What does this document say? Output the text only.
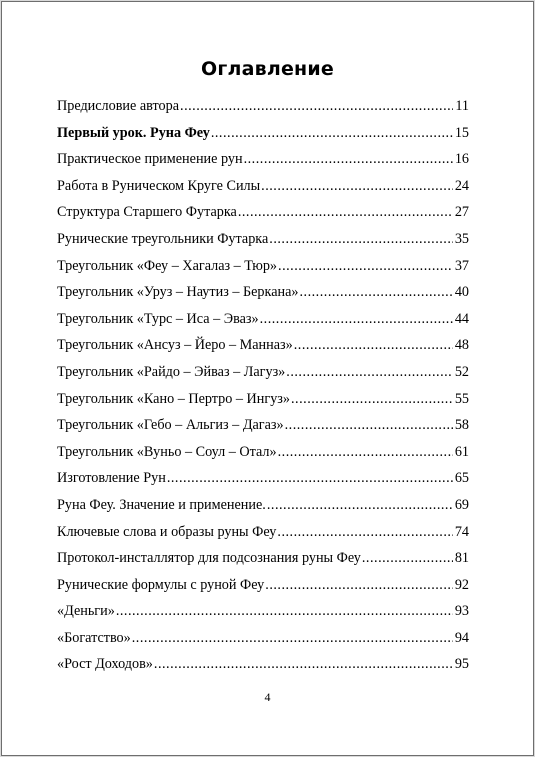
Оглавление
Предисловие автора .....	11
Первый урок. Руна Феу .....	15
Практическое применение рун .....	16
Работа в Руническом Круге Силы .....	24
Структура Старшего Футарка .....	27
Рунические треугольники Футарка .....	35
Треугольник «Феу – Хагалаз – Тюр» .....	37
Треугольник «Уруз – Наутиз – Беркана» .....	40
Треугольник «Турс – Иса – Эваз» .....	44
Треугольник «Ансуз – Йеро – Манназ» .....	48
Треугольник «Райдо – Эйваз – Лагуз» .....	52
Треугольник «Кано – Пертро – Ингуз» .....	55
Треугольник «Гебо – Альгиз – Дагаз» .....	58
Треугольник «Вуньо – Соул – Отал» .....	61
Изготовление Рун .....	65
Руна Феу. Значение и применение. .....	69
Ключевые слова и образы руны Феу .....	74
Протокол-инсталлятор для подсознания руны Феу .....	81
Рунические формулы с руной Феу .....	92
«Деньги» .....	93
«Богатство» .....	94
«Рост Доходов» .....	95
4
